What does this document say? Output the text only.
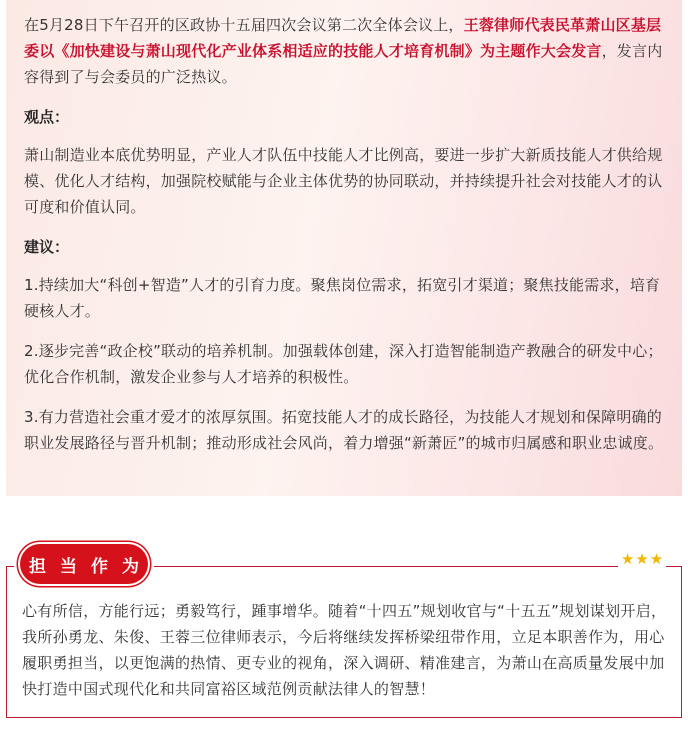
在5月28日下午召开的区政协十五届四次会议第二次全体会议上，王蓉律师代表民革萧山区基层委以《加快建设与萧山现代化产业体系相适应的技能人才培育机制》为主题作大会发言，发言内容得到了与会委员的广泛热议。

观点：

萧山制造业本底优势明显，产业人才队伍中技能人才比例高，要进一步扩大新质技能人才供给规模、优化人才结构，加强院校赋能与企业主体优势的协同联动，并持续提升社会对技能人才的认可度和价值认同。

建议：

1.持续加大“科创+智造”人才的引育力度。聚焦岗位需求，拓宽引才渠道；聚焦技能需求，培育硬核人才。

2.逐步完善“政企校”联动的培养机制。加强载体创建，深入打造智能制造产教融合的研发中心；优化合作机制，激发企业参与人才培养的积极性。

3.有力营造社会重才爱才的浓厚氛围。拓宽技能人才的成长路径，为技能人才规划和保障明确的职业发展路径与晋升机制；推动形成社会风尚，着力增强“新萧匠”的城市归属感和职业忠诚度。

担当作为	★ ★ ★

心有所信，方能行远；勇毅笃行，踵事增华。随着“十四五”规划收官与“十五五”规划谋划开启，我所孙勇龙、朱俊、王蓉三位律师表示，今后将继续发挥桥梁纽带作用，立足本职善作为，用心履职勇担当，以更饱满的热情、更专业的视角，深入调研、精准建言，为萧山在高质量发展中加快打造中国式现代化和共同富裕区域范例贡献法律人的智慧！
